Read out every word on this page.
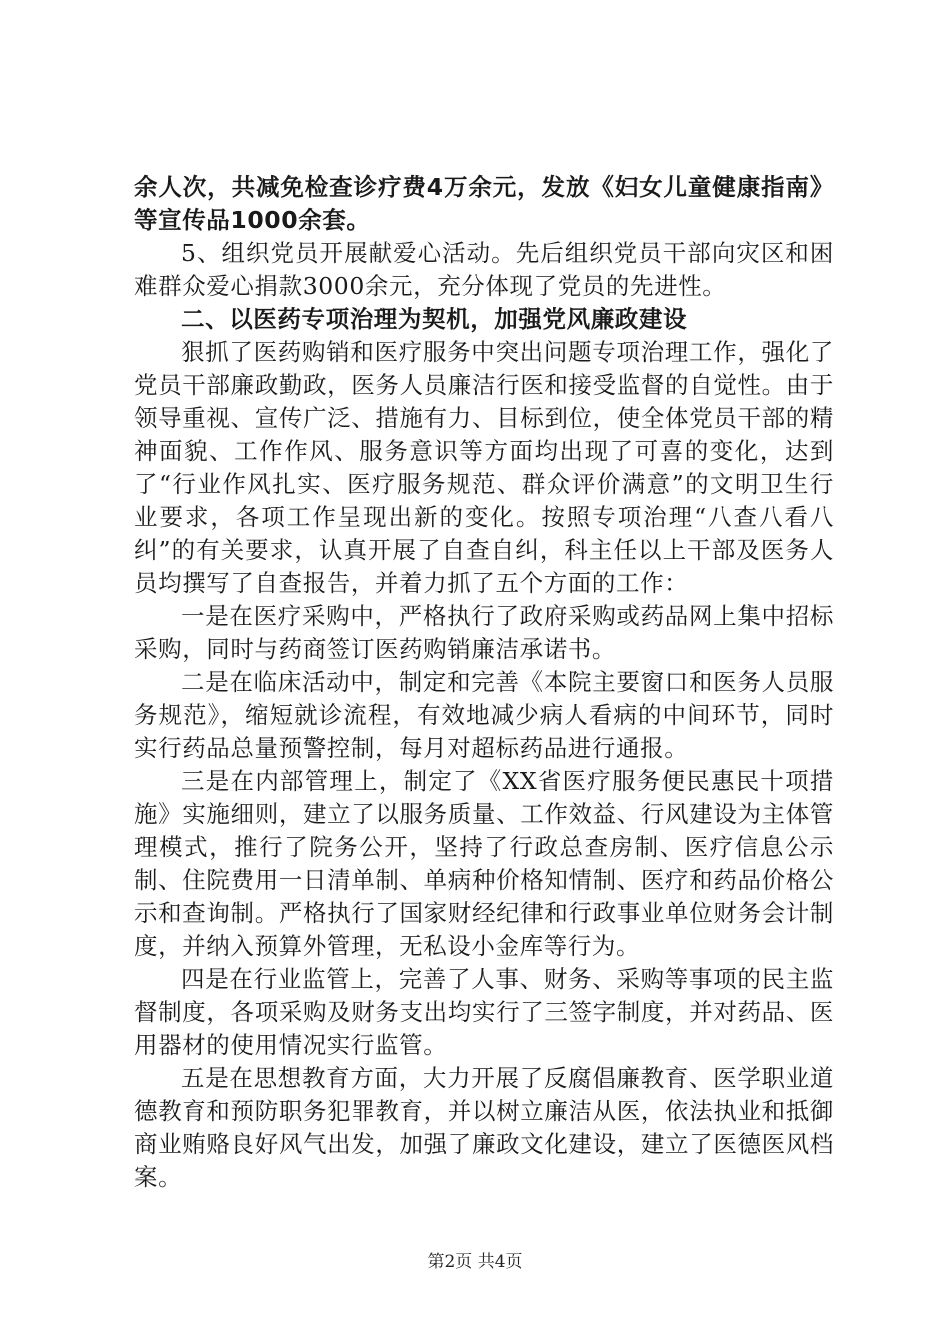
余人次，共减免检查诊疗费4万余元，发放《妇女儿童健康指南》等宣传品1000余套。

5、组织党员开展献爱心活动。先后组织党员干部向灾区和困难群众爱心捐款3000余元，充分体现了党员的先进性。

二、以医药专项治理为契机，加强党风廉政建设

狠抓了医药购销和医疗服务中突出问题专项治理工作，强化了党员干部廉政勤政，医务人员廉洁行医和接受监督的自觉性。由于领导重视、宣传广泛、措施有力、目标到位，使全体党员干部的精神面貌、工作作风、服务意识等方面均出现了可喜的变化，达到了“行业作风扎实、医疗服务规范、群众评价满意”的文明卫生行业要求，各项工作呈现出新的变化。按照专项治理“八查八看八纠”的有关要求，认真开展了自查自纠，科主任以上干部及医务人员均撰写了自查报告，并着力抓了五个方面的工作：

一是在医疗采购中，严格执行了政府采购或药品网上集中招标采购，同时与药商签订医药购销廉洁承诺书。

二是在临床活动中，制定和完善《本院主要窗口和医务人员服务规范》，缩短就诊流程，有效地减少病人看病的中间环节，同时实行药品总量预警控制，每月对超标药品进行通报。

三是在内部管理上，制定了《XX省医疗服务便民惠民十项措施》实施细则，建立了以服务质量、工作效益、行风建设为主体管理模式，推行了院务公开，坚持了行政总查房制、医疗信息公示制、住院费用一日清单制、单病种价格知情制、医疗和药品价格公示和查询制。严格执行了国家财经纪律和行政事业单位财务会计制度，并纳入预算外管理，无私设小金库等行为。

四是在行业监管上，完善了人事、财务、采购等事项的民主监督制度，各项采购及财务支出均实行了三签字制度，并对药品、医用器材的使用情况实行监管。

五是在思想教育方面，大力开展了反腐倡廉教育、医学职业道德教育和预防职务犯罪教育，并以树立廉洁从医，依法执业和抵御商业贿赂良好风气出发，加强了廉政文化建设，建立了医德医风档案。

第2页 共4页
